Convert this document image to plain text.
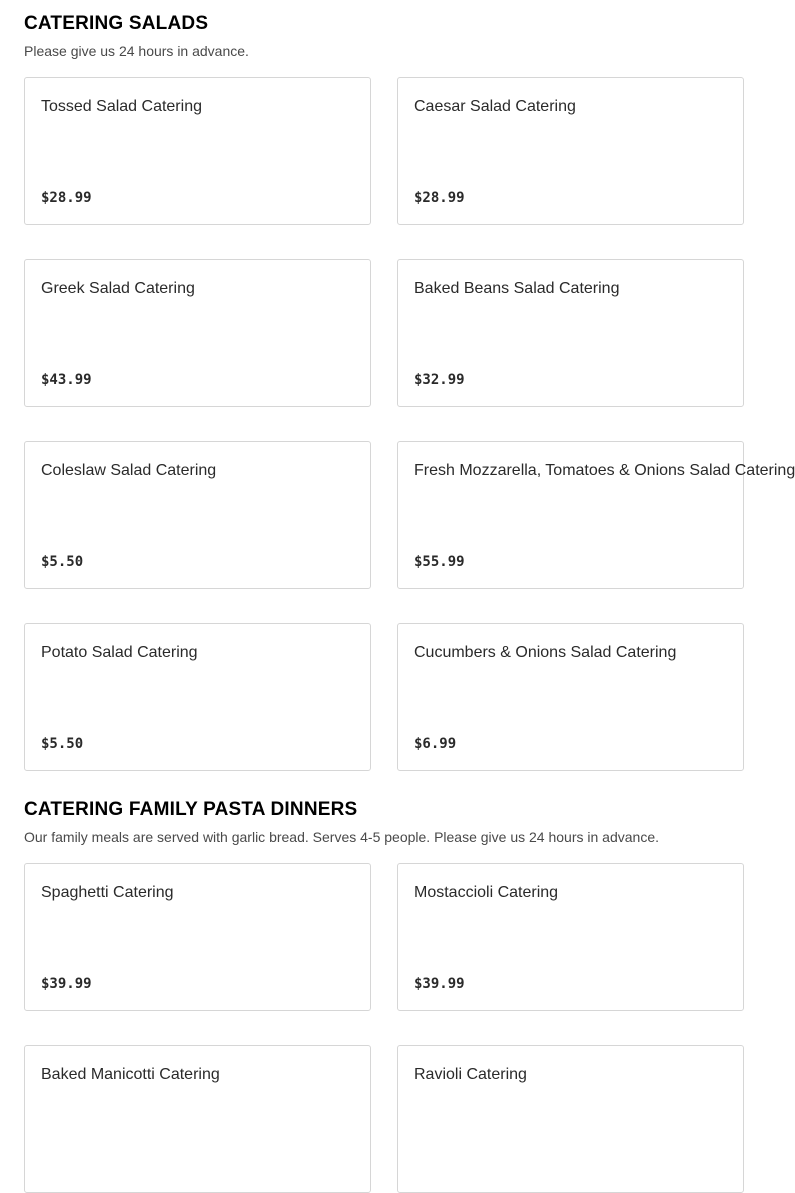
CATERING SALADS

Please give us 24 hours in advance.

Tossed Salad Catering
$28.99
Caesar Salad Catering
$28.99
Greek Salad Catering
$43.99
Baked Beans Salad Catering
$32.99
Coleslaw Salad Catering
$5.50
Fresh Mozzarella, Tomatoes & Onions Salad Catering
$55.99
Potato Salad Catering
$5.50
Cucumbers & Onions Salad Catering
$6.99
CATERING FAMILY PASTA DINNERS

Our family meals are served with garlic bread. Serves 4-5 people. Please give us 24 hours in advance.

Spaghetti Catering
$39.99
Mostaccioli Catering
$39.99
Baked Manicotti Catering	Ravioli Catering
